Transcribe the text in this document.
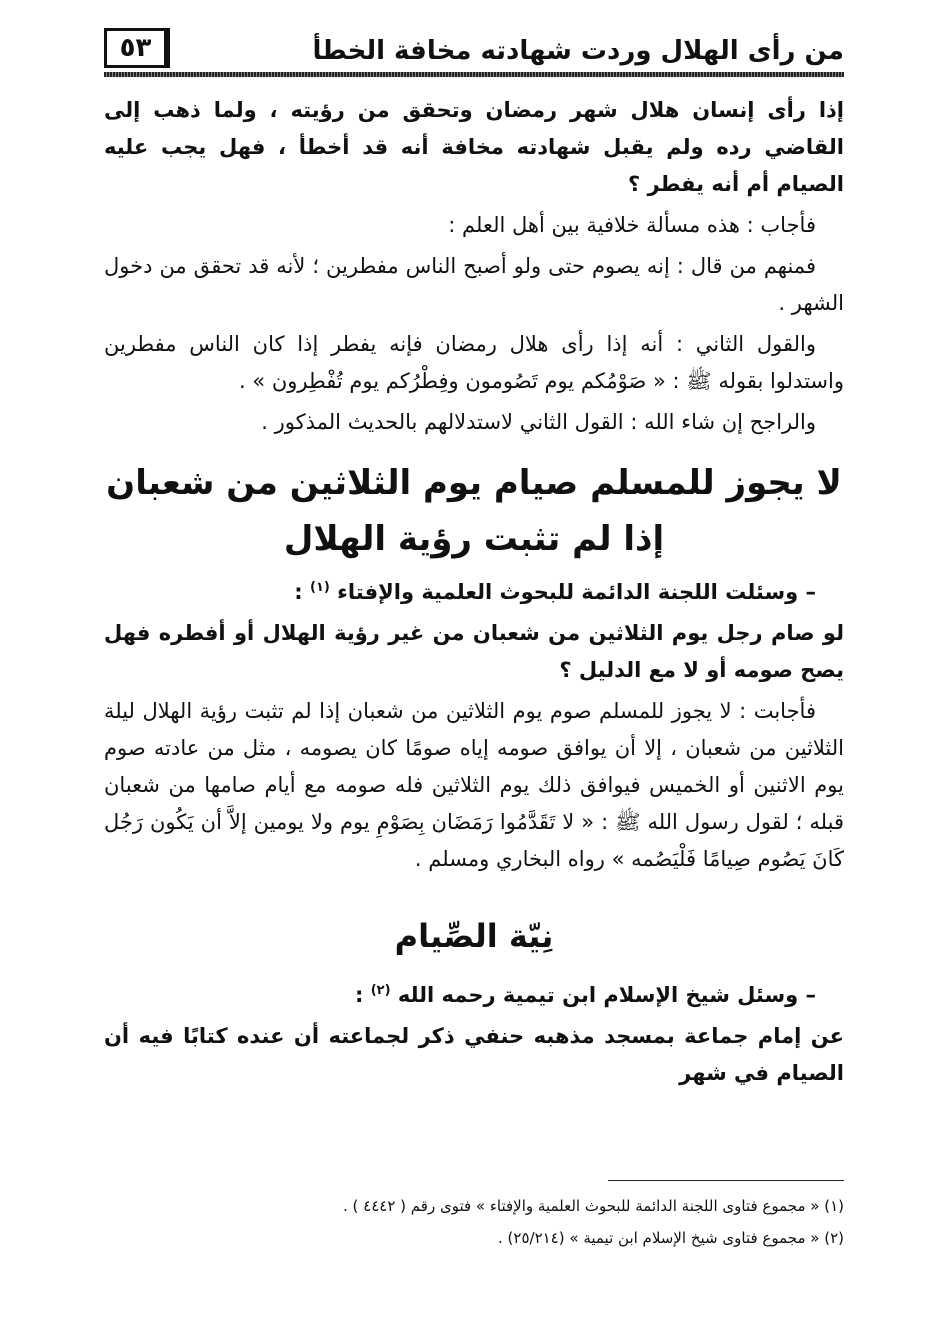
من رأى الهلال وردت شهادته مخافة الخطأ
٥٣

إذا رأى إنسان هلال شهر رمضان وتحقق من رؤيته ، ولما ذهب إلى القاضي رده ولم يقبل شهادته مخافة أنه قد أخطأ ، فهل يجب عليه الصيام أم أنه يفطر ؟

فأجاب : هذه مسألة خلافية بين أهل العلم :

فمنهم من قال : إنه يصوم حتى ولو أصبح الناس مفطرين ؛ لأنه قد تحقق من دخول الشهر .

والقول الثاني : أنه إذا رأى هلال رمضان فإنه يفطر إذا كان الناس مفطرين واستدلوا بقوله ﷺ : « صَوْمُكم يوم تَصُومون وفِطْرُكم يوم تُفْطِرون » .

والراجح إن شاء الله : القول الثاني لاستدلالهم بالحديث المذكور .

لا يجوز للمسلم صيام يوم الثلاثين من شعبان
إذا لم تثبت رؤية الهلال

– وسئلت اللجنة الدائمة للبحوث العلمية والإفتاء $^{(١)}$ :

لو صام رجل يوم الثلاثين من شعبان من غير رؤية الهلال أو أفطره فهل يصح صومه أو لا مع الدليل ؟

فأجابت : لا يجوز للمسلم صوم يوم الثلاثين من شعبان إذا لم تثبت رؤية الهلال ليلة الثلاثين من شعبان ، إلا أن يوافق صومه إياه صومًا كان يصومه ، مثل من عادته صوم يوم الاثنين أو الخميس فيوافق ذلك يوم الثلاثين فله صومه مع أيام صامها من شعبان قبله ؛ لقول رسول الله ﷺ : « لا تَقَدَّمُوا رَمَضَان بِصَوْمِ يوم ولا يومين إلاَّ أن يَكُون رَجُل كَانَ يَصُوم صِيامًا فَلْيَصُمه » رواه البخاري ومسلم .

نِيّة الصِّيام

– وسئل شيخ الإسلام ابن تيمية رحمه الله $^{(٢)}$ :

عن إمام جماعة بمسجد مذهبه حنفي ذكر لجماعته أن عنده كتابًا فيه أن الصيام في شهر

(١) « مجموع فتاوى اللجنة الدائمة للبحوث العلمية والإفتاء » فتوى رقم ( ٤٤٤٢ ) .
(٢) « مجموع فتاوى شيخ الإسلام ابن تيمية » (٢٥/٢١٤) .
